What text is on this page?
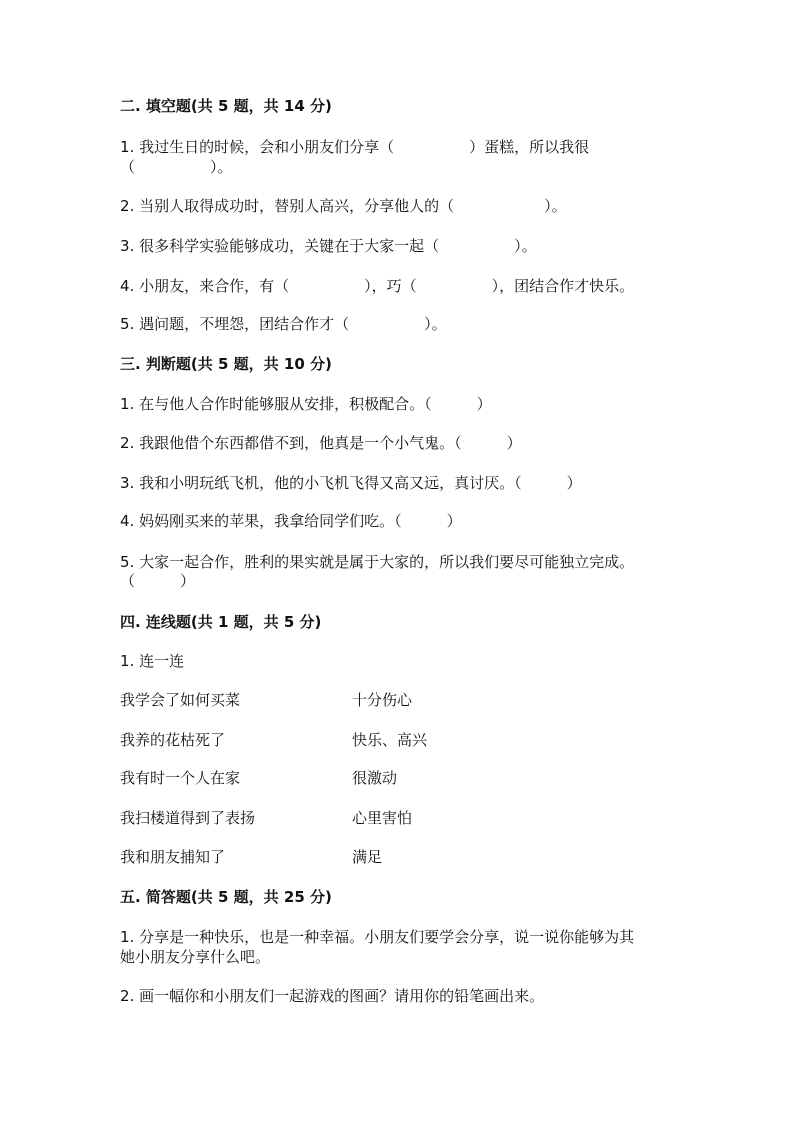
二. 填空题(共 5 题，共 14 分)
1. 我过生日的时候，会和小朋友们分享（　　　　　）蛋糕，所以我很
（　　　　　）。
2. 当别人取得成功时，替别人高兴，分享他人的（　　　　　　）。
3. 很多科学实验能够成功，关键在于大家一起（　　　　　）。
4. 小朋友，来合作，有（　　　　　），巧（　　　　　），团结合作才快乐。
5. 遇问题，不埋怨，团结合作才（　　　　　）。
三. 判断题(共 5 题，共 10 分)
1. 在与他人合作时能够服从安排，积极配合。（　　　）
2. 我跟他借个东西都借不到，他真是一个小气鬼。（　　　）
3. 我和小明玩纸飞机，他的小飞机飞得又高又远，真讨厌。（　　　）
4. 妈妈刚买来的苹果，我拿给同学们吃。（　　　）
5. 大家一起合作，胜利的果实就是属于大家的，所以我们要尽可能独立完成。
（　　　）
四. 连线题(共 1 题，共 5 分)
1. 连一连
我学会了如何买菜	十分伤心
我养的花枯死了	快乐、高兴
我有时一个人在家	很激动
我扫楼道得到了表扬	心里害怕
我和朋友捕知了	满足
五. 简答题(共 5 题，共 25 分)
1. 分享是一种快乐，也是一种幸福。小朋友们要学会分享，说一说你能够为其
她小朋友分享什么吧。
2. 画一幅你和小朋友们一起游戏的图画？请用你的铅笔画出来。
